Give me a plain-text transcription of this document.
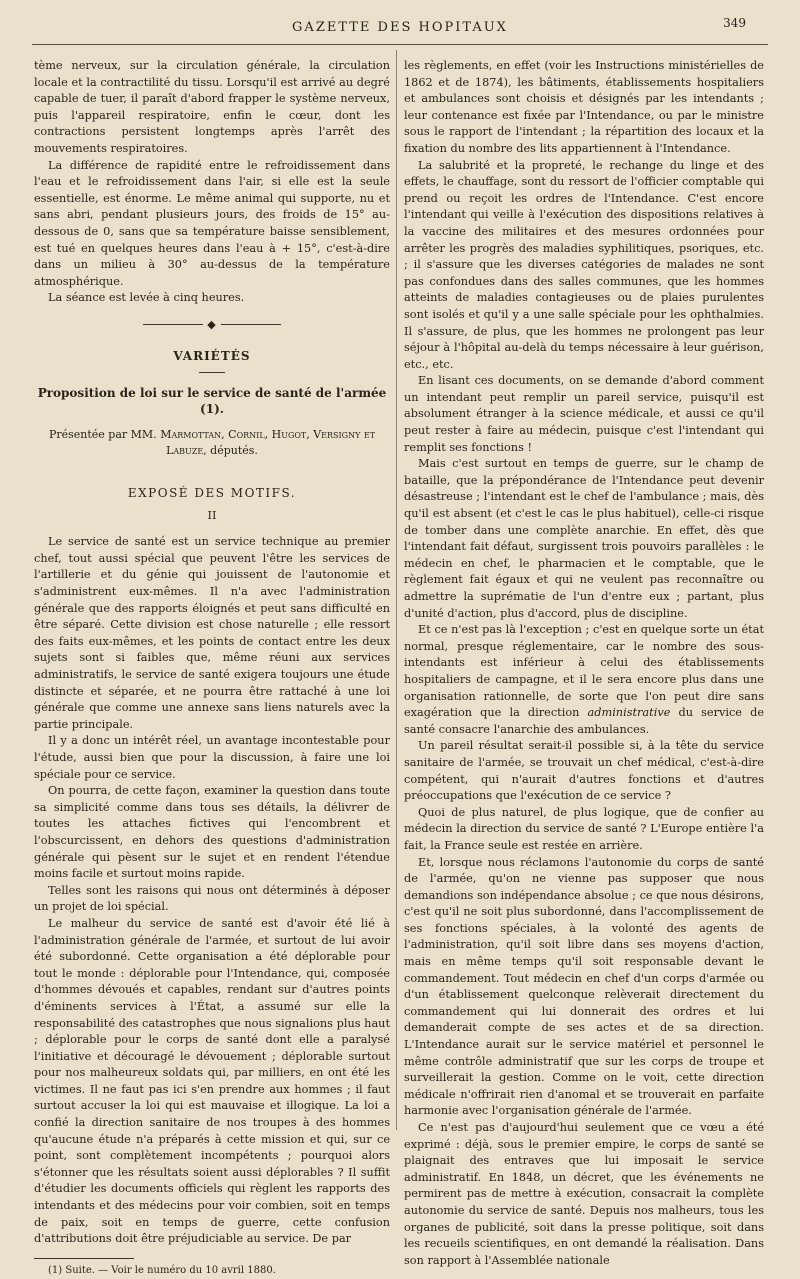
GAZETTE DES HOPITAUX	349

tème nerveux, sur la circulation générale, la circulation locale et la contractilité du tissu. Lorsqu'il est arrivé au degré capable de tuer, il paraît d'abord frapper le système nerveux, puis l'appareil respiratoire, enfin le cœur, dont les contractions persistent longtemps après l'arrêt des mouvements respiratoires.

La différence de rapidité entre le refroidissement dans l'eau et le refroidissement dans l'air, si elle est la seule essentielle, est énorme. Le même animal qui supporte, nu et sans abri, pendant plusieurs jours, des froids de 15° au-dessous de 0, sans que sa température baisse sensiblement, est tué en quelques heures dans l'eau à + 15°, c'est-à-dire dans un milieu à 30° au-dessus de la température atmosphérique.

La séance est levée à cinq heures.

◆
VARIÉTÉS
Proposition de loi sur le service de santé de l'armée (1).
Présentée par MM. Marmottan, Cornil, Hugot, Versigny et Labuze, députés.
EXPOSÉ DES MOTIFS.
II

Le service de santé est un service technique au premier chef, tout aussi spécial que peuvent l'être les services de l'artillerie et du génie qui jouissent de l'autonomie et s'administrent eux-mêmes. Il n'a avec l'administration générale que des rapports éloignés et peut sans difficulté en être séparé. Cette division est chose naturelle ; elle ressort des faits eux-mêmes, et les points de contact entre les deux sujets sont si faibles que, même réuni aux services administratifs, le service de santé exigera toujours une étude distincte et séparée, et ne pourra être rattaché à une loi générale que comme une annexe sans liens naturels avec la partie principale.

Il y a donc un intérêt réel, un avantage incontestable pour l'étude, aussi bien que pour la discussion, à faire une loi spéciale pour ce service.

On pourra, de cette façon, examiner la question dans toute sa simplicité comme dans tous ses détails, la délivrer de toutes les attaches fictives qui l'encombrent et l'obscurcissent, en dehors des questions d'administration générale qui pèsent sur le sujet et en rendent l'étendue moins facile et surtout moins rapide.

Telles sont les raisons qui nous ont déterminés à déposer un projet de loi spécial.

Le malheur du service de santé est d'avoir été lié à l'administration générale de l'armée, et surtout de lui avoir été subordonné. Cette organisation a été déplorable pour tout le monde : déplorable pour l'Intendance, qui, composée d'hommes dévoués et capables, rendant sur d'autres points d'éminents services à l'État, a assumé sur elle la responsabilité des catastrophes que nous signalions plus haut ; déplorable pour le corps de santé dont elle a paralysé l'initiative et découragé le dévouement ; déplorable surtout pour nos malheureux soldats qui, par milliers, en ont été les victimes. Il ne faut pas ici s'en prendre aux hommes ; il faut surtout accuser la loi qui est mauvaise et illogique. La loi a confié la direction sanitaire de nos troupes à des hommes qu'aucune étude n'a préparés à cette mission et qui, sur ce point, sont complètement incompétents ; pourquoi alors s'étonner que les résultats soient aussi déplorables ? Il suffit d'étudier les documents officiels qui règlent les rapports des intendants et des médecins pour voir combien, soit en temps de paix, soit en temps de guerre, cette confusion d'attributions doit être préjudiciable au service. De par

(1) Suite. — Voir le numéro du 10 avril 1880.

les règlements, en effet (voir les Instructions ministérielles de 1862 et de 1874), les bâtiments, établissements hospitaliers et ambulances sont choisis et désignés par les intendants ; leur contenance est fixée par l'Intendance, ou par le ministre sous le rapport de l'intendant ; la répartition des locaux et la fixation du nombre des lits appartiennent à l'Intendance.

La salubrité et la propreté, le rechange du linge et des effets, le chauffage, sont du ressort de l'officier comptable qui prend ou reçoit les ordres de l'Intendance. C'est encore l'intendant qui veille à l'exécution des dispositions relatives à la vaccine des militaires et des mesures ordonnées pour arrêter les progrès des maladies syphilitiques, psoriques, etc. ; il s'assure que les diverses catégories de malades ne sont pas confondues dans des salles communes, que les hommes atteints de maladies contagieuses ou de plaies purulentes sont isolés et qu'il y a une salle spéciale pour les ophthalmies. Il s'assure, de plus, que les hommes ne prolongent pas leur séjour à l'hôpital au-delà du temps nécessaire à leur guérison, etc., etc.

En lisant ces documents, on se demande d'abord comment un intendant peut remplir un pareil service, puisqu'il est absolument étranger à la science médicale, et aussi ce qu'il peut rester à faire au médecin, puisque c'est l'intendant qui remplit ses fonctions !

Mais c'est surtout en temps de guerre, sur le champ de bataille, que la prépondérance de l'Intendance peut devenir désastreuse ; l'intendant est le chef de l'ambulance ; mais, dès qu'il est absent (et c'est le cas le plus habituel), celle-ci risque de tomber dans une complète anarchie. En effet, dès que l'intendant fait défaut, surgissent trois pouvoirs parallèles : le médecin en chef, le pharmacien et le comptable, que le règlement fait égaux et qui ne veulent pas reconnaître ou admettre la suprématie de l'un d'entre eux ; partant, plus d'unité d'action, plus d'accord, plus de discipline.

Et ce n'est pas là l'exception ; c'est en quelque sorte un état normal, presque réglementaire, car le nombre des sous-intendants est inférieur à celui des établissements hospitaliers de campagne, et il le sera encore plus dans une organisation rationnelle, de sorte que l'on peut dire sans exagération que la direction administrative du service de santé consacre l'anarchie des ambulances.

Un pareil résultat serait-il possible si, à la tête du service sanitaire de l'armée, se trouvait un chef médical, c'est-à-dire compétent, qui n'aurait d'autres fonctions et d'autres préoccupations que l'exécution de ce service ?

Quoi de plus naturel, de plus logique, que de confier au médecin la direction du service de santé ? L'Europe entière l'a fait, la France seule est restée en arrière.

Et, lorsque nous réclamons l'autonomie du corps de santé de l'armée, qu'on ne vienne pas supposer que nous demandions son indépendance absolue ; ce que nous désirons, c'est qu'il ne soit plus subordonné, dans l'accomplissement de ses fonctions spéciales, à la volonté des agents de l'administration, qu'il soit libre dans ses moyens d'action, mais en même temps qu'il soit responsable devant le commandement. Tout médecin en chef d'un corps d'armée ou d'un établissement quelconque relèverait directement du commandement qui lui donnerait des ordres et lui demanderait compte de ses actes et de sa direction. L'Intendance aurait sur le service matériel et personnel le même contrôle administratif que sur les corps de troupe et surveillerait la gestion. Comme on le voit, cette direction médicale n'offrirait rien d'anomal et se trouverait en parfaite harmonie avec l'organisation générale de l'armée.

Ce n'est pas d'aujourd'hui seulement que ce vœu a été exprimé : déjà, sous le premier empire, le corps de santé se plaignait des entraves que lui imposait le service administratif. En 1848, un décret, que les événements ne permirent pas de mettre à exécution, consacrait la complète autonomie du service de santé. Depuis nos malheurs, tous les organes de publicité, soit dans la presse politique, soit dans les recueils scientifiques, en ont demandé la réalisation. Dans son rapport à l'Assemblée nationale
